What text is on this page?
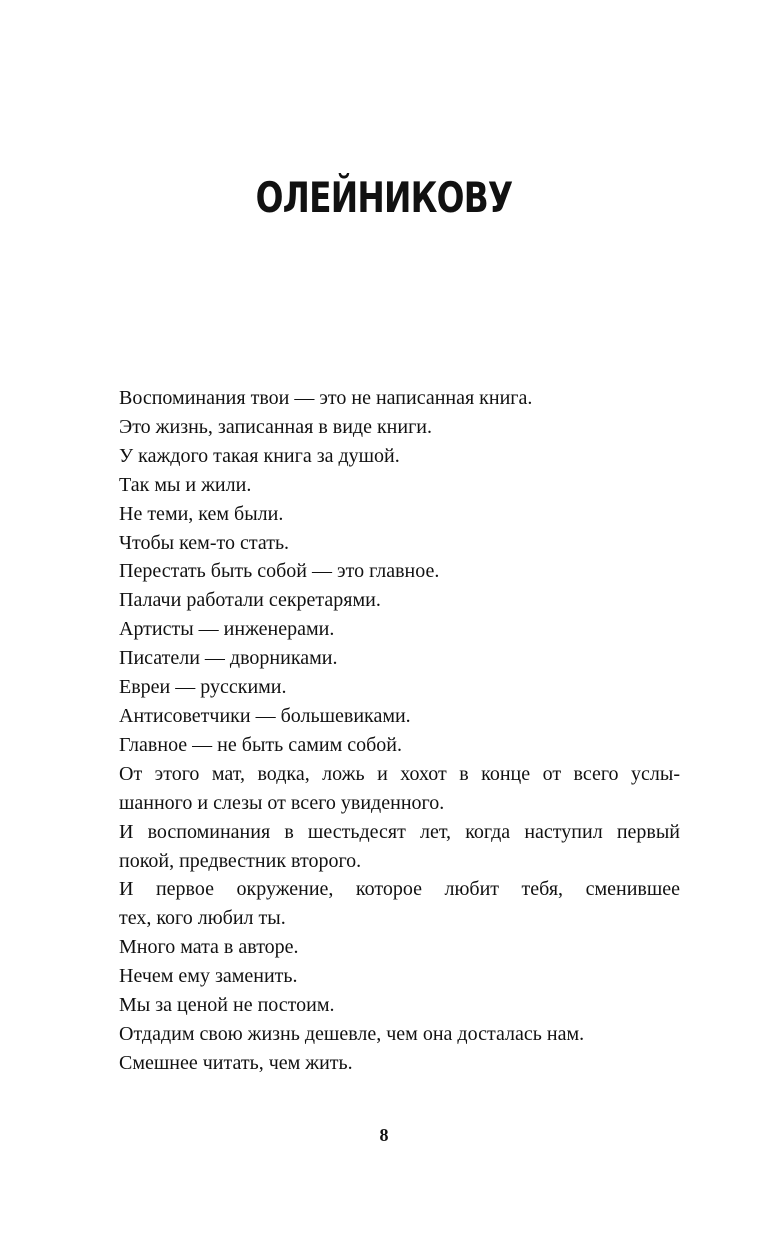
ОЛЕЙНИКОВУ
Воспоминания твои — это не написанная книга.
Это жизнь, записанная в виде книги.
У каждого такая книга за душой.
Так мы и жили.
Не теми, кем были.
Чтобы кем-то стать.
Перестать быть собой — это главное.
Палачи работали секретарями.
Артисты — инженерами.
Писатели — дворниками.
Евреи — русскими.
Антисоветчики — большевиками.
Главное — не быть самим собой.
От этого мат, водка, ложь и хохот в конце от всего услы-
шанного и слезы от всего увиденного.
И воспоминания в шестьдесят лет, когда наступил первый
покой, предвестник второго.
И первое окружение, которое любит тебя, сменившее
тех, кого любил ты.
Много мата в авторе.
Нечем ему заменить.
Мы за ценой не постоим.
Отдадим свою жизнь дешевле, чем она досталась нам.
Смешнее читать, чем жить.
8
